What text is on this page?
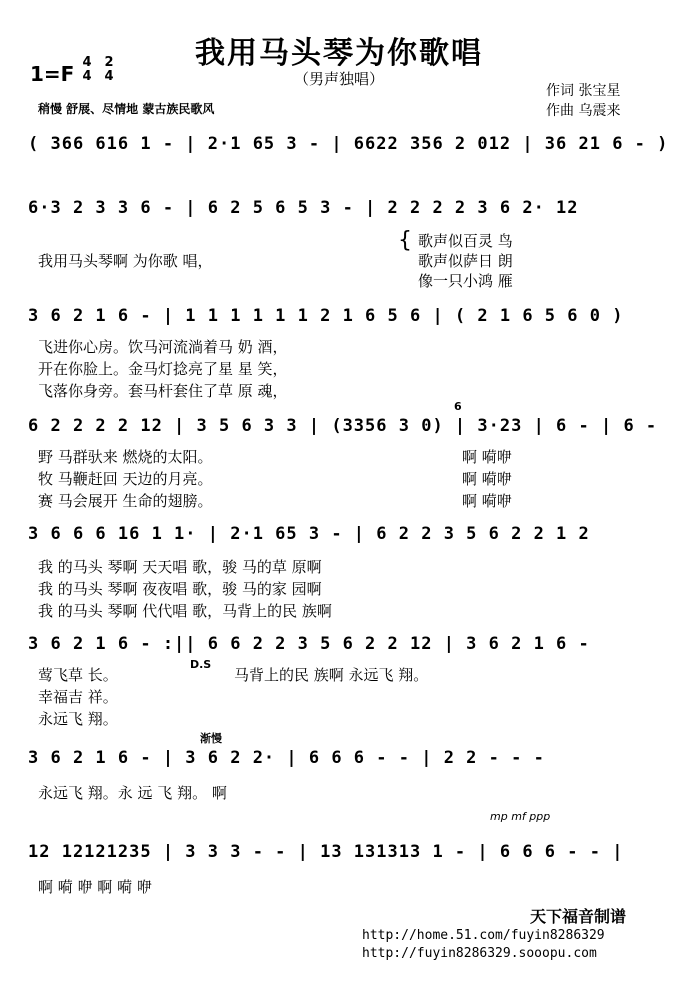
我用马头琴为你歌唱
（男声独唱）
1=F 4
4
2
4
稍慢 舒展、尽情地 蒙古族民歌风
作词 张宝星
作曲 乌震来
( 366 616 1 - | 2·1 65 3 - | 6622 356 2 012 | 36 21 6 - )
6·3 2 3 3 6 - | 6 2 5 6 5 3 - | 2 2 2 2 3 6 2· 12
我用马头琴啊 为你歌 唱，
{ 歌声似百灵 鸟
歌声似萨日 朗
像一只小鸿 雁
3 6 2 1 6 - | 1 1 1 1 1 1 2 1 6 5 6 | ( 2 1 6 5 6 0 )
飞进你心房。饮马河流淌着马 奶 酒，
开在你脸上。金马灯捻亮了星 星 笑，
飞落你身旁。套马杆套住了草 原 魂，
6 2 2 2 2 12 | 3 5 6 3 3 | (3356 3 0) | 3·23 | 6 - | 6 -
6
野 马群驮来 燃烧的太阳。
牧 马鞭赶回 天边的月亮。
赛 马会展开 生命的翅膀。
啊 嗬咿
啊 嗬咿
啊 嗬咿
3 6 6 6 16 1 1· | 2·1 65 3 - | 6 2 2 3 5 6 2 2 1 2
我 的马头 琴啊 天天唱 歌，骏 马的草 原啊
我 的马头 琴啊 夜夜唱 歌，骏 马的家 园啊
我 的马头 琴啊 代代唱 歌，马背上的民 族啊
3 6 2 1 6 - :|| 6 6 2 2 3 5 6 2 2 12 | 3 6 2 1 6 -
D.S
莺飞草 长。
幸福吉 祥。
永远飞 翔。
马背上的民 族啊 永远飞 翔。
渐慢
3 6 2 1 6 - | 3 6 2 2· | 6 6 6 - - | 2 2 - - -
永远飞 翔。永 远 飞 翔。 啊
mp mf ppp
12 12121235 | 3 3 3 - - | 13 131313 1 - | 6 6 6 - - |
啊 嗬 咿 啊 嗬 咿
天下福音制谱
http://home.51.com/fuyin8286329
http://fuyin8286329.sooopu.com
